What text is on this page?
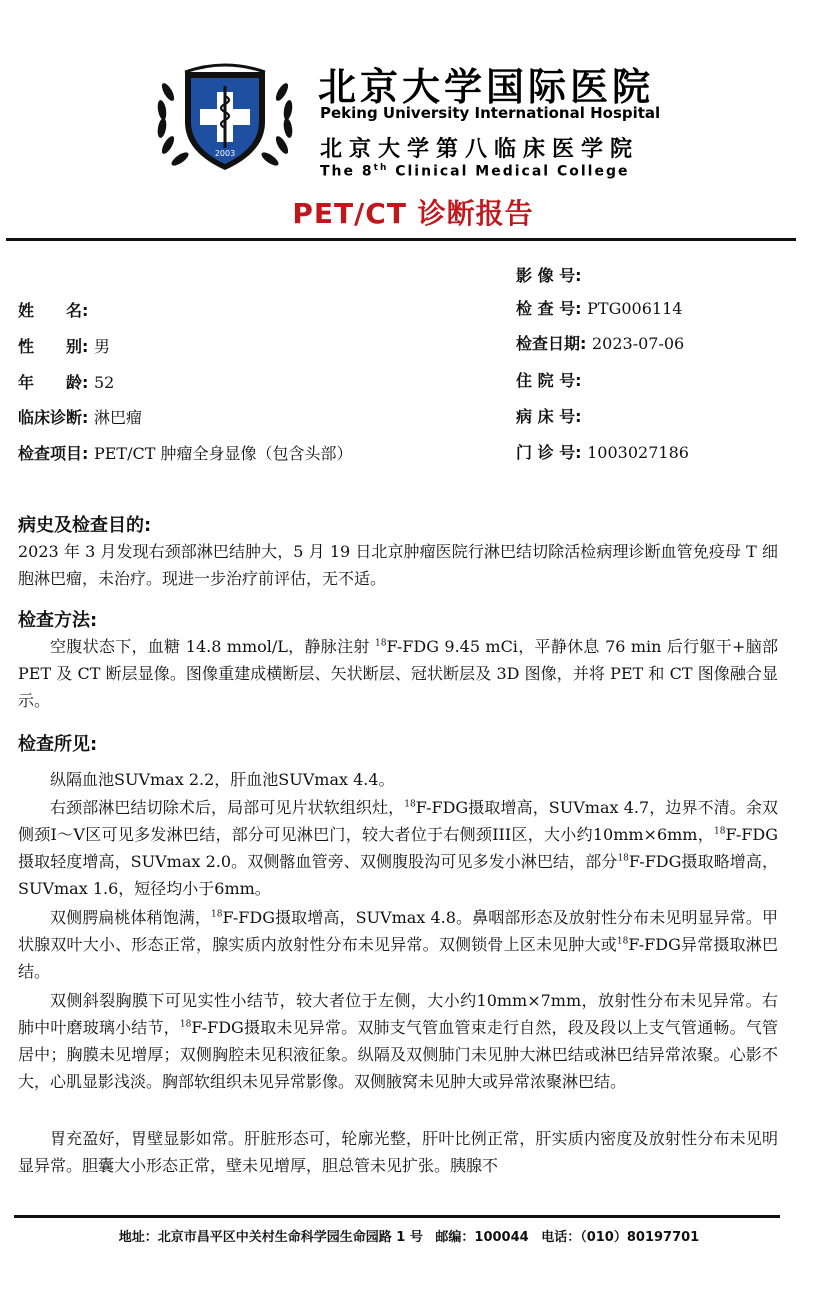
2003
北京大学国际医院
Peking University International Hospital
北京大学第八临床医学院
The 8th Clinical Medical College
PET/CT 诊断报告
姓　　名:
性　　别: 男
年　　龄: 52
临床诊断: 淋巴瘤
检查项目: PET/CT 肿瘤全身显像（包含头部）
影 像 号:
检 查 号: PTG006114
检查日期: 2023-07-06
住 院 号:
病 床 号:
门 诊 号: 1003027186
病史及检查目的:
2023 年 3 月发现右颈部淋巴结肿大，5 月 19 日北京肿瘤医院行淋巴结切除活检病理诊断血管免疫母 T 细胞淋巴瘤，未治疗。现进一步治疗前评估，无不适。
检查方法:
空腹状态下，血糖 14.8 mmol/L，静脉注射 $^{18}$F-FDG 9.45 mCi，平静休息 76 min 后行躯干+脑部 PET 及 CT 断层显像。图像重建成横断层、矢状断层、冠状断层及 3D 图像，并将 PET 和 CT 图像融合显示。
检查所见:
纵隔血池SUVmax 2.2，肝血池SUVmax 4.4。
右颈部淋巴结切除术后，局部可见片状软组织灶，$^{18}$F-FDG摄取增高，SUVmax 4.7，边界不清。余双侧颈Ⅰ～Ⅴ区可见多发淋巴结，部分可见淋巴门，较大者位于右侧颈III区，大小约10mm×6mm，$^{18}$F-FDG摄取轻度增高，SUVmax 2.0。双侧髂血管旁、双侧腹股沟可见多发小淋巴结，部分$^{18}$F-FDG摄取略增高，SUVmax 1.6，短径均小于6mm。
双侧腭扁桃体稍饱满，$^{18}$F-FDG摄取增高，SUVmax 4.8。鼻咽部形态及放射性分布未见明显异常。甲状腺双叶大小、形态正常，腺实质内放射性分布未见异常。双侧锁骨上区未见肿大或$^{18}$F-FDG异常摄取淋巴结。
双侧斜裂胸膜下可见实性小结节，较大者位于左侧，大小约10mm×7mm，放射性分布未见异常。右肺中叶磨玻璃小结节，$^{18}$F-FDG摄取未见异常。双肺支气管血管束走行自然，段及段以上支气管通畅。气管居中；胸膜未见增厚；双侧胸腔未见积液征象。纵隔及双侧肺门未见肿大淋巴结或淋巴结异常浓聚。心影不大，心肌显影浅淡。胸部软组织未见异常影像。双侧腋窝未见肿大或异常浓聚淋巴结。
胃充盈好，胃壁显影如常。肝脏形态可，轮廓光整，肝叶比例正常，肝实质内密度及放射性分布未见明显异常。胆囊大小形态正常，壁未见增厚，胆总管未见扩张。胰腺不
地址：北京市昌平区中关村生命科学园生命园路 1 号 邮编：100044 电话：（010）80197701
